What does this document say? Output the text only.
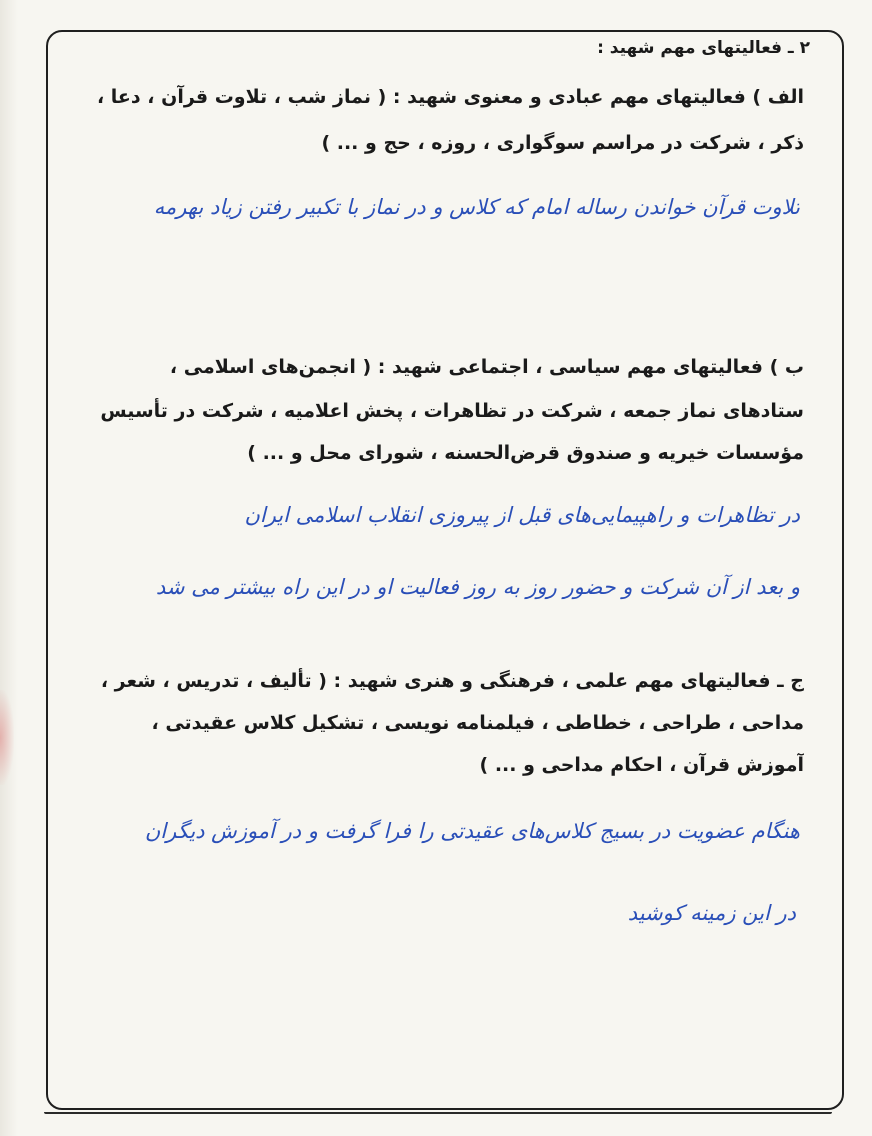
۲ ـ فعالیتهای مهم شهید :
الف ) فعالیتهای مهم عبادی و معنوی شهید : ( نماز شب ، تلاوت قرآن ، دعا ،
ذکر ، شرکت در مراسم سوگواری ، روزه ، حج و ... )
تلاوت قرآن خواندن رساله امام که کلاس و در نماز با تکبیر رفتن زیاد بهرمه
ب ) فعالیتهای مهم سیاسی ، اجتماعی شهید : ( انجمن‌های اسلامی ،
ستادهای نماز جمعه ، شرکت در تظاهرات ، پخش اعلامیه ، شرکت در تأسیس
مؤسسات خیریه و صندوق قرض‌الحسنه ، شورای محل و ... )
در تظاهرات و راهپیمایی‌های قبل از پیروزی انقلاب اسلامی ایران
و بعد از آن شرکت و حضور روز به روز فعالیت او در این راه بیشتر می شد
ج ـ فعالیتهای مهم علمی ، فرهنگی و هنری شهید : ( تألیف ، تدریس ، شعر ،
مداحی ، طراحی ، خطاطی ، فیلمنامه نویسی ، تشکیل کلاس عقیدتی ،
آموزش قرآن ، احکام مداحی و ... )
هنگام عضویت در بسیج کلاس‌های عقیدتی را فرا گرفت و در آموزش دیگران
در این زمینه کوشید
